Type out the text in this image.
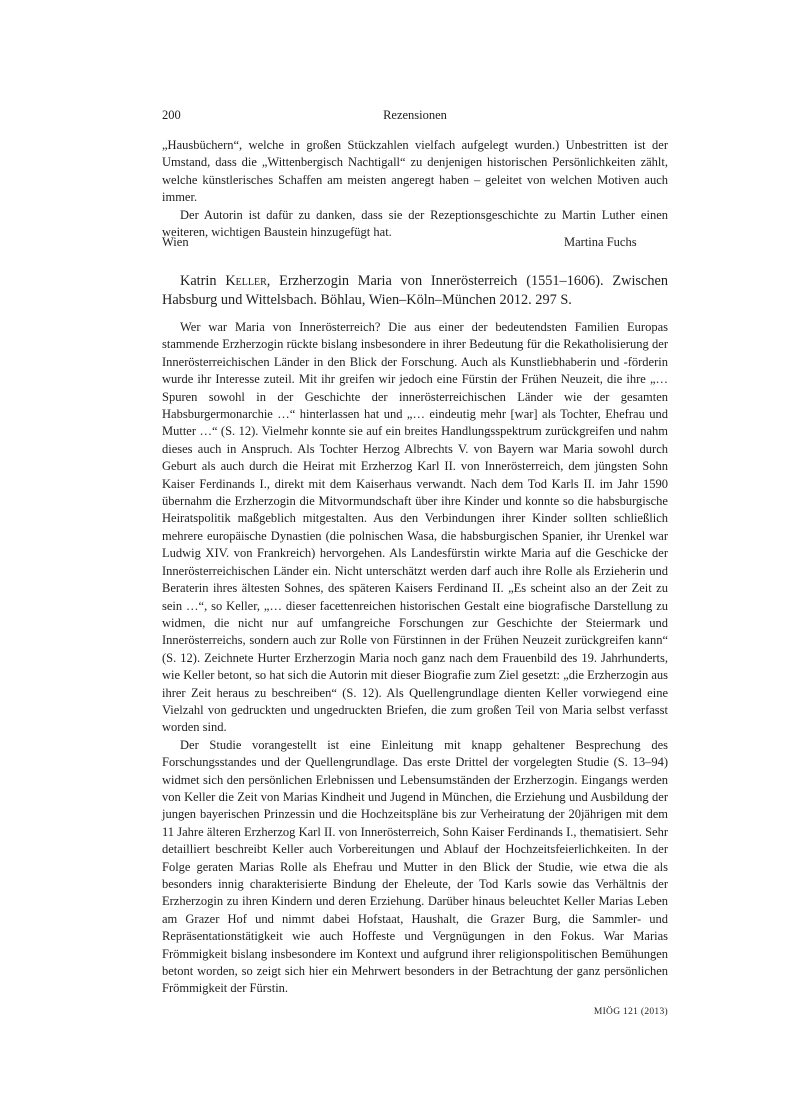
200	Rezensionen

„Hausbüchern“, welche in großen Stückzahlen vielfach aufgelegt wurden.) Unbestritten ist der Umstand, dass die „Wittenbergisch Nachtigall“ zu denjenigen historischen Persönlichkeiten zählt, welche künstlerisches Schaffen am meisten angeregt haben – geleitet von welchen Motiven auch immer.

Der Autorin ist dafür zu danken, dass sie der Rezeptionsgeschichte zu Martin Luther einen weiteren, wichtigen Baustein hinzugefügt hat.

Wien	Martina Fuchs
Katrin Keller, Erzherzogin Maria von Innerösterreich (1551–1606). Zwischen Habsburg und Wittelsbach. Böhlau, Wien–Köln–München 2012. 297 S.

Wer war Maria von Innerösterreich? Die aus einer der bedeutendsten Familien Europas stammende Erzherzogin rückte bislang insbesondere in ihrer Bedeutung für die Rekatholisierung der Innerösterreichischen Länder in den Blick der Forschung. Auch als Kunstliebhaberin und -förderin wurde ihr Interesse zuteil. Mit ihr greifen wir jedoch eine Fürstin der Frühen Neuzeit, die ihre „… Spuren sowohl in der Geschichte der innerösterreichischen Länder wie der gesamten Habsburgermonarchie …“ hinterlassen hat und „… eindeutig mehr [war] als Tochter, Ehefrau und Mutter …“ (S. 12). Vielmehr konnte sie auf ein breites Handlungsspektrum zurückgreifen und nahm dieses auch in Anspruch. Als Tochter Herzog Albrechts V. von Bayern war Maria sowohl durch Geburt als auch durch die Heirat mit Erzherzog Karl II. von Innerösterreich, dem jüngsten Sohn Kaiser Ferdinands I., direkt mit dem Kaiserhaus verwandt. Nach dem Tod Karls II. im Jahr 1590 übernahm die Erzherzogin die Mitvormundschaft über ihre Kinder und konnte so die habsburgische Heiratspolitik maßgeblich mitgestalten. Aus den Verbindungen ihrer Kinder sollten schließlich mehrere europäische Dynastien (die polnischen Wasa, die habsburgischen Spanier, ihr Urenkel war Ludwig XIV. von Frankreich) hervorgehen. Als Landesfürstin wirkte Maria auf die Geschicke der Innerösterreichischen Länder ein. Nicht unterschätzt werden darf auch ihre Rolle als Erzieherin und Beraterin ihres ältesten Sohnes, des späteren Kaisers Ferdinand II. „Es scheint also an der Zeit zu sein …“, so Keller, „… dieser facettenreichen historischen Gestalt eine biografische Darstellung zu widmen, die nicht nur auf umfangreiche Forschungen zur Geschichte der Steiermark und Innerösterreichs, sondern auch zur Rolle von Fürstinnen in der Frühen Neuzeit zurückgreifen kann“ (S. 12). Zeichnete Hurter Erzherzogin Maria noch ganz nach dem Frauenbild des 19. Jahrhunderts, wie Keller betont, so hat sich die Autorin mit dieser Biografie zum Ziel gesetzt: „die Erzherzogin aus ihrer Zeit heraus zu beschreiben“ (S. 12). Als Quellengrundlage dienten Keller vorwiegend eine Vielzahl von gedruckten und ungedruckten Briefen, die zum großen Teil von Maria selbst verfasst worden sind.

Der Studie vorangestellt ist eine Einleitung mit knapp gehaltener Besprechung des Forschungsstandes und der Quellengrundlage. Das erste Drittel der vorgelegten Studie (S. 13–94) widmet sich den persönlichen Erlebnissen und Lebensumständen der Erzherzogin. Eingangs werden von Keller die Zeit von Marias Kindheit und Jugend in München, die Erziehung und Ausbildung der jungen bayerischen Prinzessin und die Hochzeitspläne bis zur Verheiratung der 20jährigen mit dem 11 Jahre älteren Erzherzog Karl II. von Innerösterreich, Sohn Kaiser Ferdinands I., thematisiert. Sehr detailliert beschreibt Keller auch Vorbereitungen und Ablauf der Hochzeitsfeierlichkeiten. In der Folge geraten Marias Rolle als Ehefrau und Mutter in den Blick der Studie, wie etwa die als besonders innig charakterisierte Bindung der Eheleute, der Tod Karls sowie das Verhältnis der Erzherzogin zu ihren Kindern und deren Erziehung. Darüber hinaus beleuchtet Keller Marias Leben am Grazer Hof und nimmt dabei Hofstaat, Haushalt, die Grazer Burg, die Sammler- und Repräsentationstätigkeit wie auch Hoffeste und Vergnügungen in den Fokus. War Marias Frömmigkeit bislang insbesondere im Kontext und aufgrund ihrer religionspolitischen Bemühungen betont worden, so zeigt sich hier ein Mehrwert besonders in der Betrachtung der ganz persönlichen Frömmigkeit der Fürstin.

MIÖG 121 (2013)
